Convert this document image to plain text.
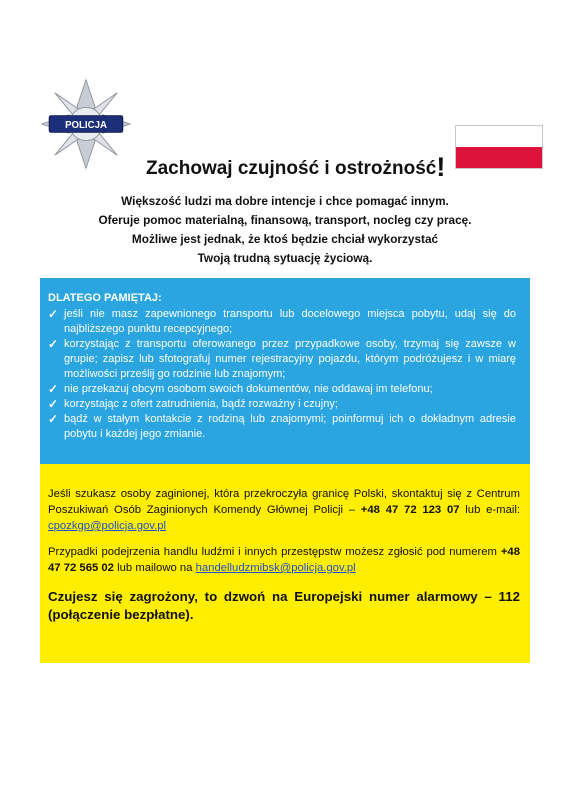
POLICJA
Zachowaj czujność i ostrożność!
Większość ludzi ma dobre intencje i chce pomagać innym.
Oferuje pomoc materialną, finansową, transport, nocleg czy pracę.
Możliwe jest jednak, że ktoś będzie chciał wykorzystać
Twoją trudną sytuację życiową.
DLATEGO PAMIĘTAJ:
✓ jeśli nie masz zapewnionego transportu lub docelowego miejsca pobytu, udaj się do najbliższego punktu recepcyjnego;
✓ korzystając z transportu oferowanego przez przypadkowe osoby, trzymaj się zawsze w grupie; zapisz lub sfotografuj numer rejestracyjny pojazdu, którym podróżujesz i w miarę możliwości prześlij go rodzinie lub znajomym;
✓ nie przekazuj obcym osobom swoich dokumentów, nie oddawaj im telefonu;
✓ korzystając z ofert zatrudnienia, bądź rozważny i czujny;
✓ bądź w stałym kontakcie z rodziną lub znajomymi; poinformuj ich o dokładnym adresie pobytu i każdej jego zmianie.

Jeśli szukasz osoby zaginionej, która przekroczyła granicę Polski, skontaktuj się z Centrum Poszukiwań Osób Zaginionych Komendy Głównej Policji – +48 47 72 123 07 lub e-mail: cpozkgp@policja.gov.pl

Przypadki podejrzenia handlu ludźmi i innych przestępstw możesz zgłosić pod numerem +48 47 72 565 02 lub mailowo na handelludzmibsk@policja.gov.pl

Czujesz się zagrożony, to dzwoń na Europejski numer alarmowy – 112 (połączenie bezpłatne).
